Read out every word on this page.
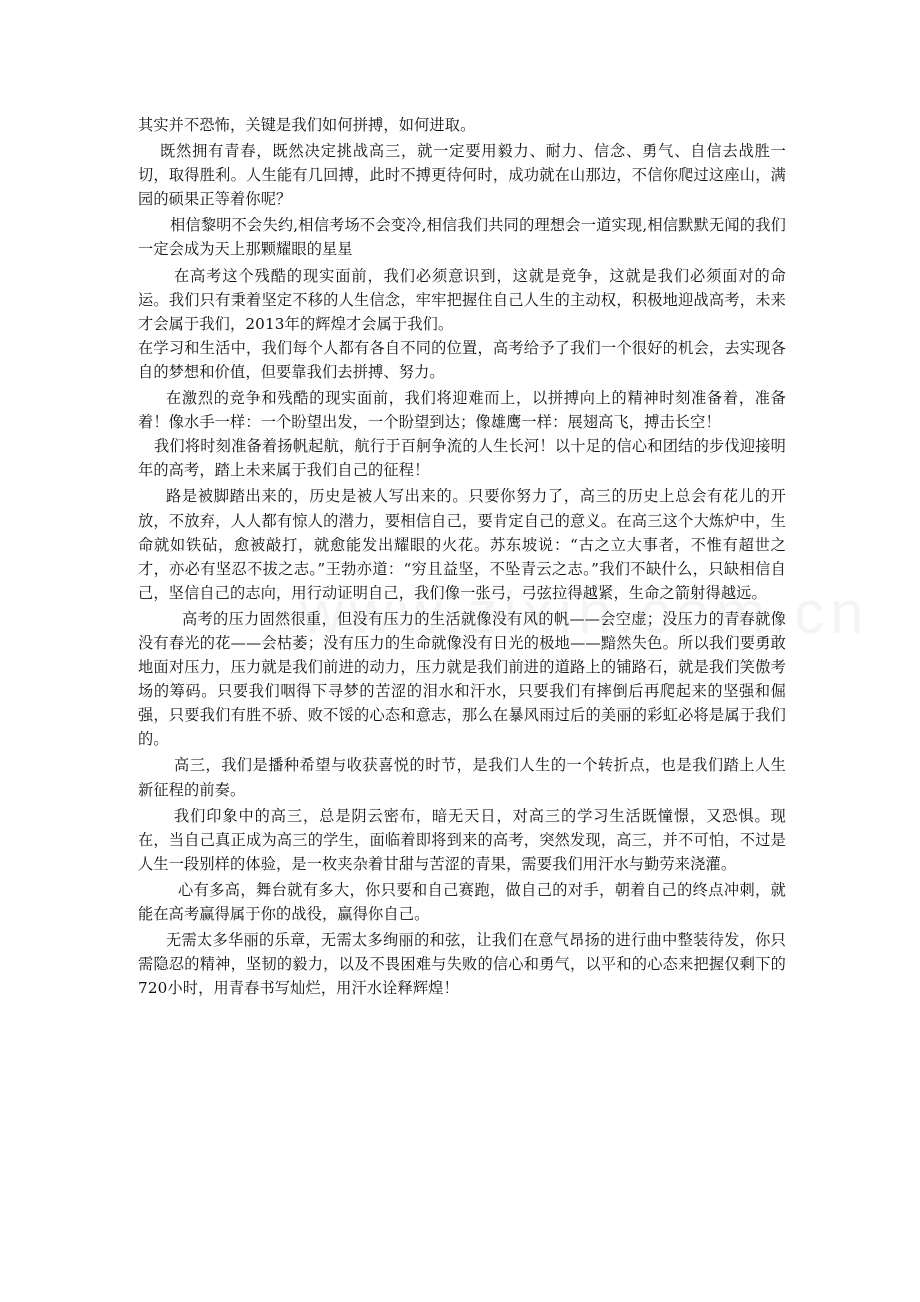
其实并不恐怖，关键是我们如何拼搏，如何进取。

既然拥有青春，既然决定挑战高三，就一定要用毅力、耐力、信念、勇气、自信去战胜一切，取得胜利。人生能有几回搏，此时不搏更待何时，成功就在山那边，不信你爬过这座山，满园的硕果正等着你呢？

相信黎明不会失约,相信考场不会变冷,相信我们共同的理想会一道实现,相信默默无闻的我们一定会成为天上那颗耀眼的星星

在高考这个残酷的现实面前，我们必须意识到，这就是竞争，这就是我们必须面对的命运。我们只有秉着坚定不移的人生信念，牢牢把握住自己人生的主动权，积极地迎战高考，未来才会属于我们，2013年的辉煌才会属于我们。

在学习和生活中，我们每个人都有各自不同的位置，高考给予了我们一个很好的机会，去实现各自的梦想和价值，但要靠我们去拼搏、努力。

在激烈的竞争和残酷的现实面前，我们将迎难而上，以拼搏向上的精神时刻准备着，准备着！像水手一样：一个盼望出发，一个盼望到达；像雄鹰一样：展翅高飞，搏击长空！

我们将时刻准备着扬帆起航，航行于百舸争流的人生长河！以十足的信心和团结的步伐迎接明年的高考，踏上未来属于我们自己的征程！

路是被脚踏出来的，历史是被人写出来的。只要你努力了，高三的历史上总会有花儿的开放，不放弃，人人都有惊人的潜力，要相信自己，要肯定自己的意义。在高三这个大炼炉中，生命就如铁砧，愈被敲打，就愈能发出耀眼的火花。苏东坡说：“古之立大事者，不惟有超世之才，亦必有坚忍不拔之志。”王勃亦道：“穷且益坚，不坠青云之志。”我们不缺什么，只缺相信自己，坚信自己的志向，用行动证明自己，我们像一张弓，弓弦拉得越紧，生命之箭射得越远。

高考的压力固然很重，但没有压力的生活就像没有风的帆——会空虚；没压力的青春就像没有春光的花——会枯萎；没有压力的生命就像没有日光的极地——黯然失色。所以我们要勇敢地面对压力，压力就是我们前进的动力，压力就是我们前进的道路上的铺路石，就是我们笑傲考场的筹码。只要我们咽得下寻梦的苦涩的泪水和汗水，只要我们有摔倒后再爬起来的坚强和倔强，只要我们有胜不骄、败不馁的心态和意志，那么在暴风雨过后的美丽的彩虹必将是属于我们的。

高三，我们是播种希望与收获喜悦的时节，是我们人生的一个转折点，也是我们踏上人生新征程的前奏。

我们印象中的高三，总是阴云密布，暗无天日，对高三的学习生活既憧憬，又恐惧。现在，当自己真正成为高三的学生，面临着即将到来的高考，突然发现，高三，并不可怕，不过是人生一段别样的体验，是一枚夹杂着甘甜与苦涩的青果，需要我们用汗水与勤劳来浇灌。

心有多高，舞台就有多大，你只要和自己赛跑，做自己的对手，朝着自己的终点冲刺，就能在高考赢得属于你的战役，赢得你自己。

无需太多华丽的乐章，无需太多绚丽的和弦，让我们在意气昂扬的进行曲中整装待发，你只需隐忍的精神，坚韧的毅力，以及不畏困难与失败的信心和勇气，以平和的心态来把握仅剩下的720小时，用青春书写灿烂，用汗水诠释辉煌！
